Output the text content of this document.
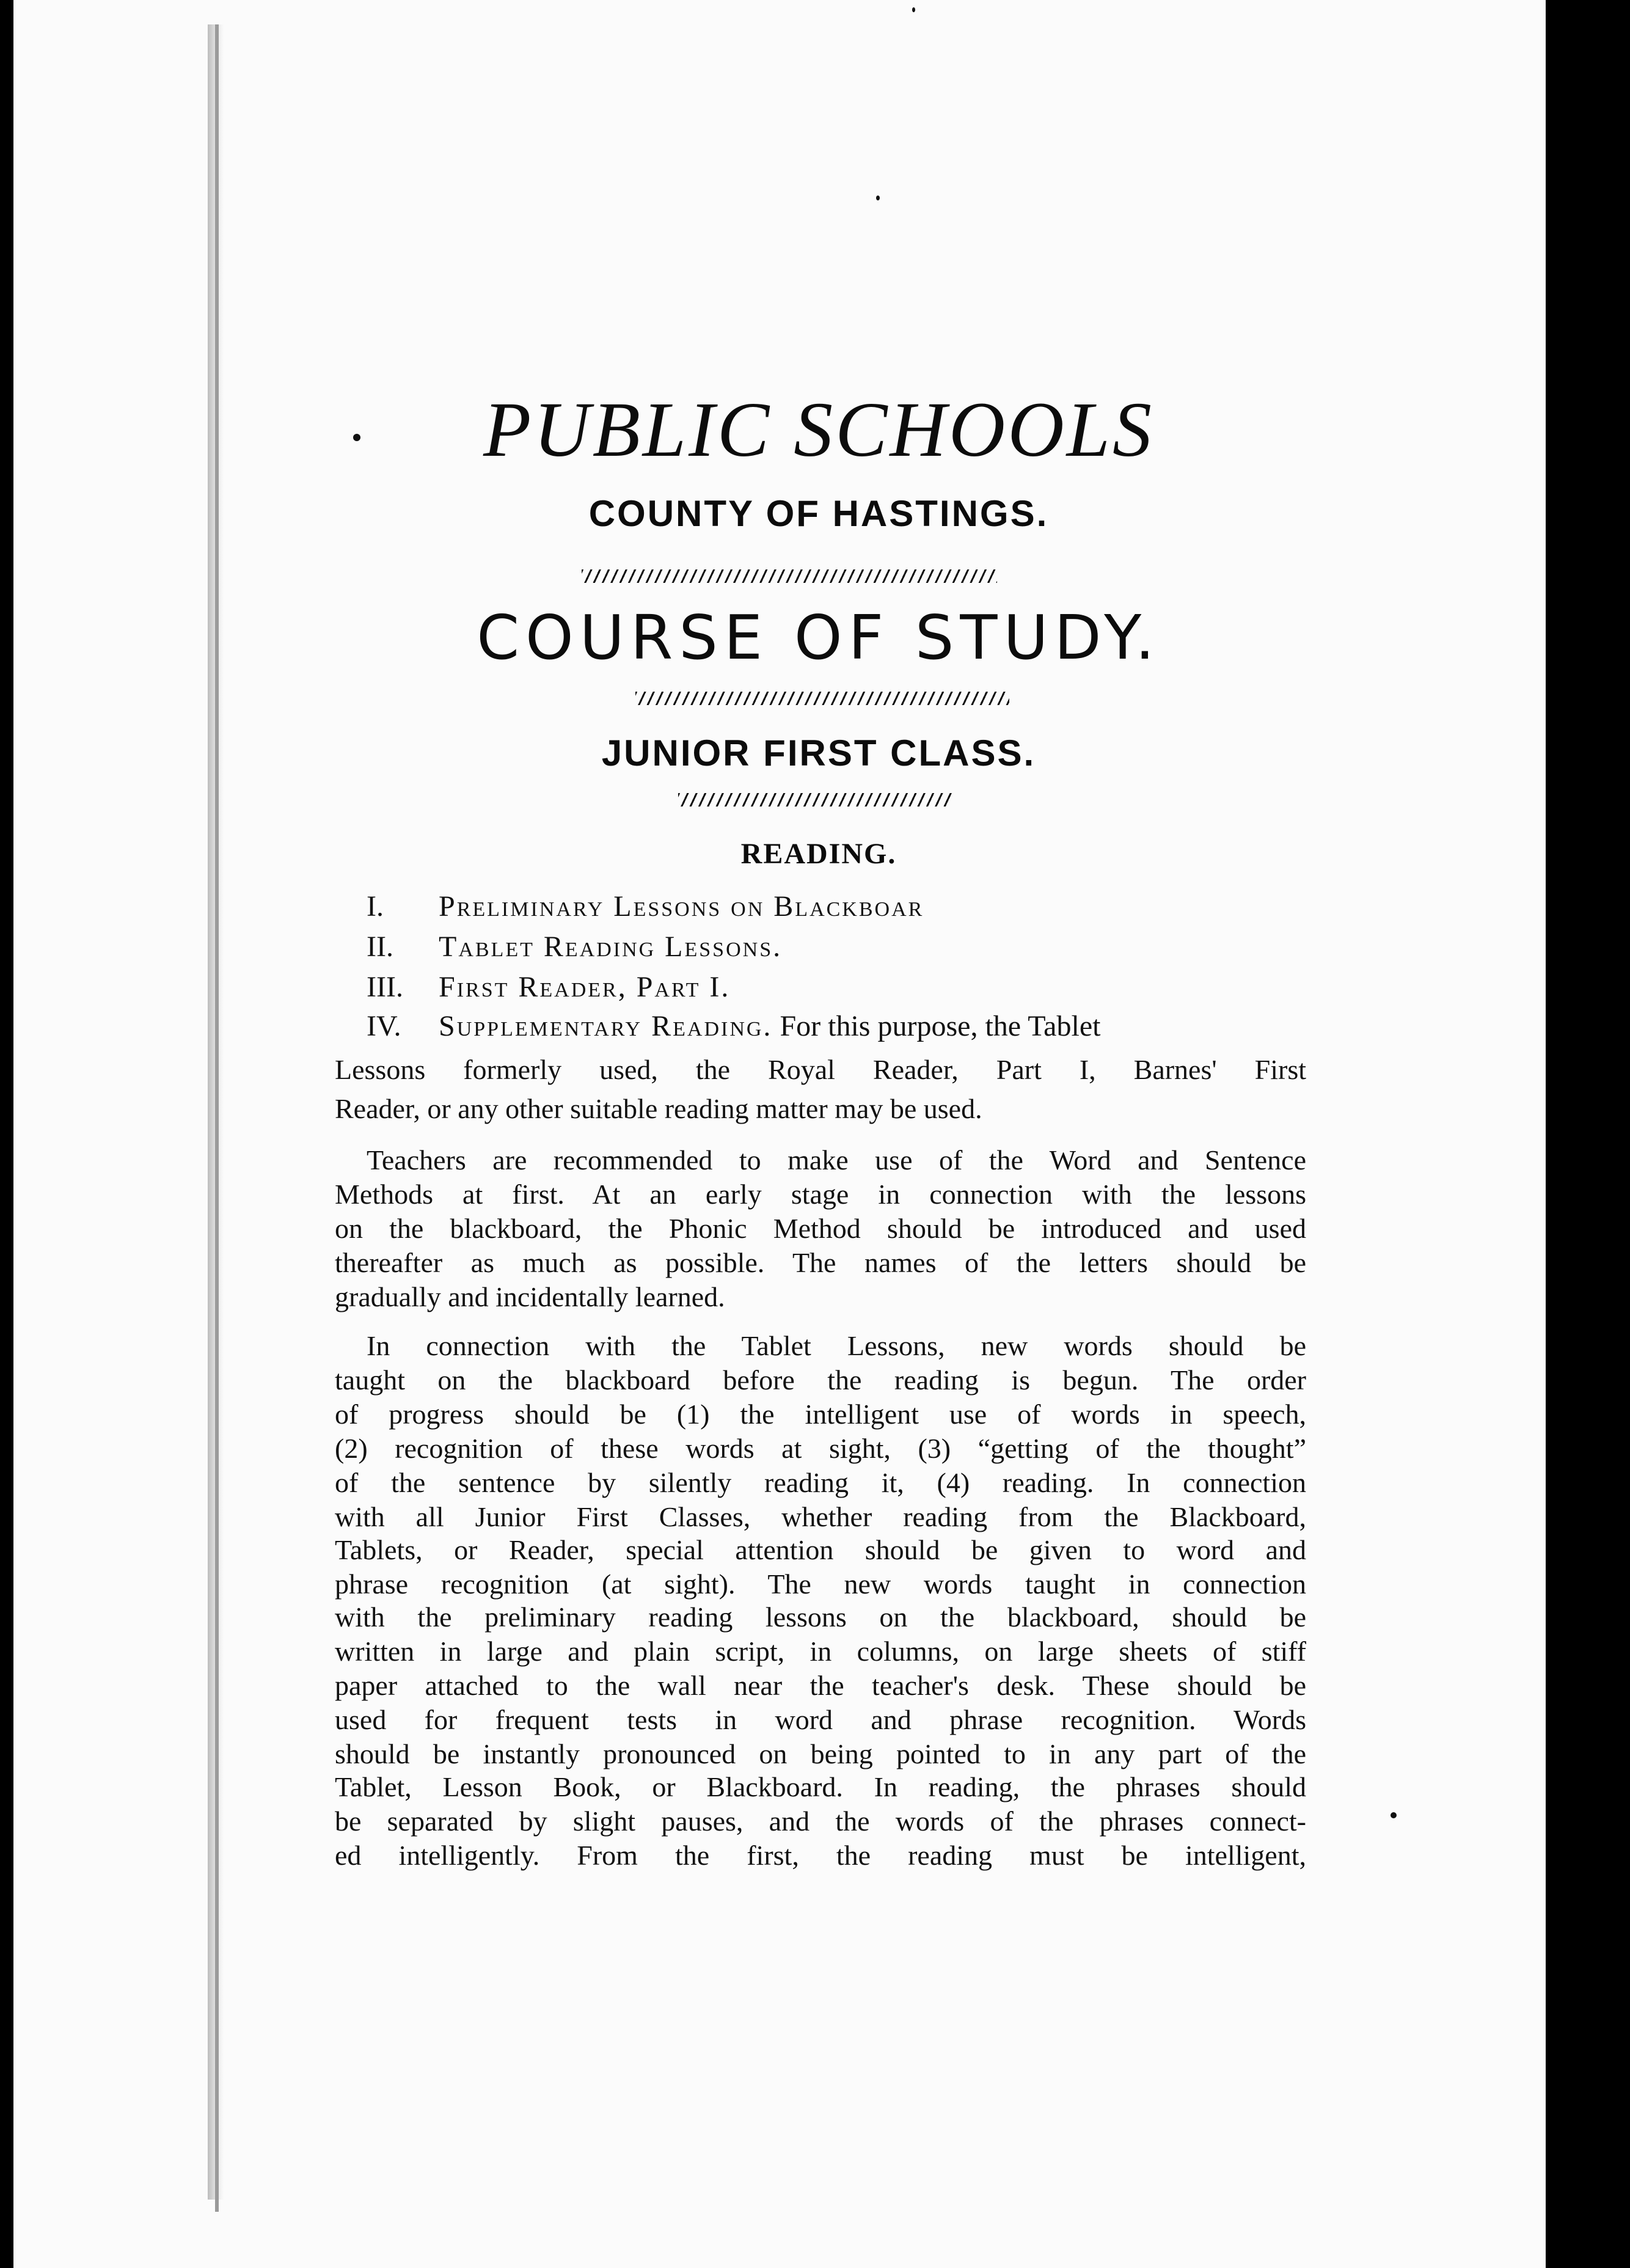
PUBLIC SCHOOLS
COUNTY OF HASTINGS.
COURSE OF STUDY.
JUNIOR FIRST CLASS.
READING.
I. Preliminary Lessons on Blackboar
II. Tablet Reading Lessons.
III. First Reader, Part I.
IV. Supplementary Reading. For this purpose, the Tablet
Lessons formerly used, the Royal Reader, Part I, Barnes' First
Reader, or any other suitable reading matter may be used.
Teachers are recommended to make use of the Word and Sentence
Methods at first. At an early stage in connection with the lessons
on the blackboard, the Phonic Method should be introduced and used
thereafter as much as possible. The names of the letters should be
gradually and incidentally learned.
In connection with the Tablet Lessons, new words should be
taught on the blackboard before the reading is begun. The order
of progress should be (1) the intelligent use of words in speech,
(2) recognition of these words at sight, (3) “getting of the thought”
of the sentence by silently reading it, (4) reading. In connection
with all Junior First Classes, whether reading from the Blackboard,
Tablets, or Reader, special attention should be given to word and
phrase recognition (at sight). The new words taught in connection
with the preliminary reading lessons on the blackboard, should be
written in large and plain script, in columns, on large sheets of stiff
paper attached to the wall near the teacher's desk. These should be
used for frequent tests in word and phrase recognition. Words
should be instantly pronounced on being pointed to in any part of the
Tablet, Lesson Book, or Blackboard. In reading, the phrases should
be separated by slight pauses, and the words of the phrases connect-
ed intelligently. From the first, the reading must be intelligent,
